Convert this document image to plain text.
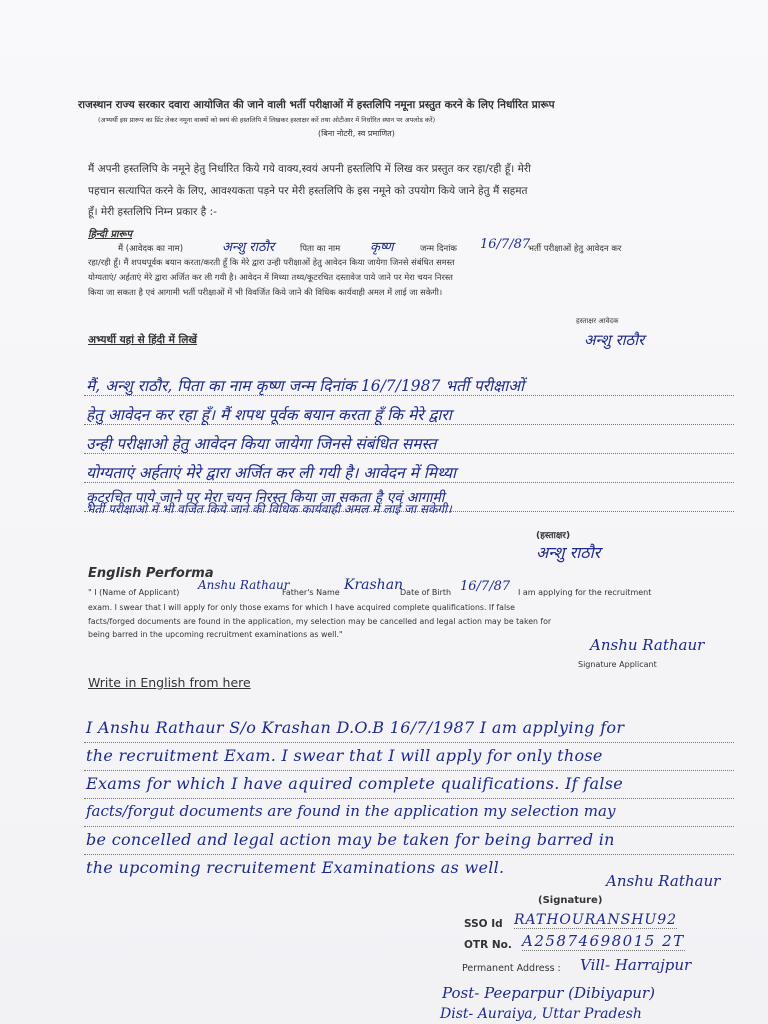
राजस्थान राज्य सरकार दवारा आयोजित की जाने वाली भर्ती परीक्षाओं में हस्तलिपि नमूना प्रस्तुत करने के लिए निर्धारित प्रारूप
(अभ्यर्थी इस प्रारूप का प्रिंट लेकर नमूना वाक्यों को स्वयं की हस्तलिपि में लिखकर हस्ताक्षर करें तथा ओटीआर में निर्धारित स्थान पर अपलोड करें)
(बिना नोटरी, स्व प्रमाणित)
मैं अपनी हस्तलिपि के नमूने हेतु निर्धारित किये गये वाक्य,स्वयं अपनी हस्तलिपि में लिख कर प्रस्तुत कर रहा/रही हूँ। मेरी
पहचान सत्यापित करने के लिए, आवश्यकता पड़ने पर मेरी हस्तलिपि के इस नमूने को उपयोग किये जाने हेतु मैं सहमत
हूँ। मेरी हस्तलिपि निम्न प्रकार है :-
हिन्दी प्रारूप
मैं (आवेदक का नाम)	अन्शु राठौर	पिता का नाम कृष्ण	जन्म दिनांक 16/7/87
भर्ती परीक्षाओं हेतु आवेदन कर
रहा/रही हूँ। मैं शपथपूर्वक बयान करता/करती हूँ कि मेरे द्वारा उन्ही परीक्षाओं हेतु आवेदन किया जायेगा जिनसे संबंधित समस्त
योग्यताएं/ अर्हताएं मेरे द्वारा अर्जित कर ली गयी है। आवेदन में मिथ्या तथ्य/कूटरचित दस्तावेज पाये जाने पर मेरा चयन निरस्त
किया जा सकता है एवं आगामी भर्ती परीक्षाओं में भी विवर्जित किये जाने की विधिक कार्यवाही अमल में लाई जा सकेगी।
हस्ताक्षर आवेदक
अन्शु राठौर
अभ्यर्थी यहां से हिंदी में लिखें
मैं, अन्शु राठौर, पिता का नाम कृष्ण जन्म दिनांक 16/7/1987 भर्ती परीक्षाओं
हेतु आवेदन कर रहा हूँ। मैं शपथ पूर्वक बयान करता हूँ कि मेरे द्वारा
उन्ही परीक्षाओ हेतु आवेदन किया जायेगा जिनसे संबंधित समस्त
योग्यताएं अर्हताएं मेरे द्वारा अर्जित कर ली गयी है। आवेदन में मिथ्या
कूटरचित पाये जाने पर मेरा चयन निरस्त किया जा सकता है एवं आगामी
भर्ती परीक्षाओ में भी वर्जित किये जाने की विधिक कार्यवाही अमल में लाई जा सकेगी।
(हस्ताक्षर)
अन्शु राठौर
English Performa
" I (Name of Applicant)
Anshu Rathaur
Father's Name Krashan
Date of Birth 16/7/87 I am applying for the recruitment
exam. I swear that I will apply for only those exams for which I have acquired complete qualifications. If false
facts/forged documents are found in the application, my selection may be cancelled and legal action may be taken for
being barred in the upcoming recruitment examinations as well."
Anshu Rathaur
Signature Applicant
Write in English from here
I Anshu Rathaur S/o Krashan D.O.B 16/7/1987 I am applying for
the recruitment Exam. I swear that I will apply for only those
Exams for which I have aquired complete qualifications. If false
facts/forgut documents are found in the application my selection may
be concelled and legal action may be taken for being barred in
the upcoming recruitement Examinations as well.
Anshu Rathaur
(Signature)
SSO Id RATHOURANSHU92
OTR No. A25874698015 2T
Permanent Address : Vill- Harrajpur
Post- Peeparpur (Dibiyapur)
Dist- Auraiya, Uttar Pradesh
